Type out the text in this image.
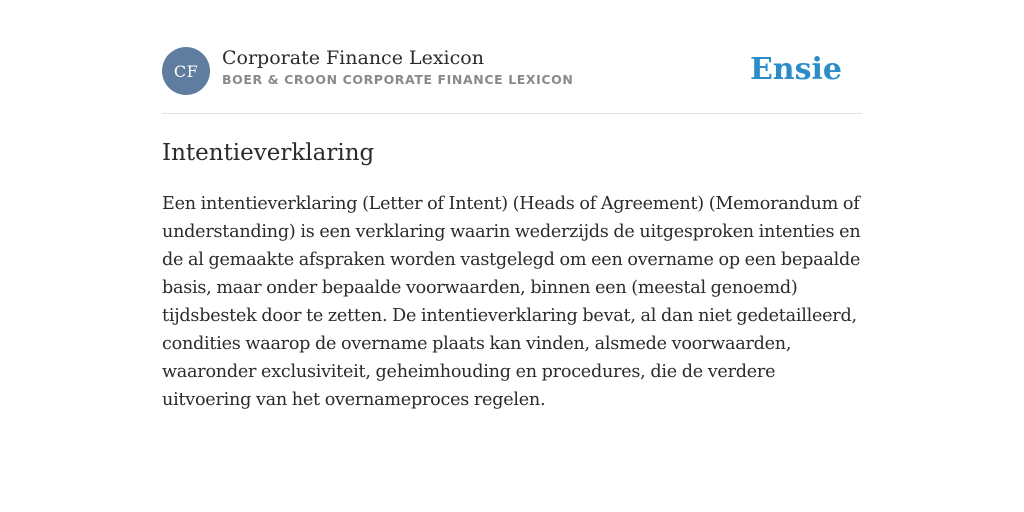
CF
Corporate Finance Lexicon
BOER & CROON CORPORATE FINANCE LEXICON	Ensie
Intentieverklaring

Een intentieverklaring (Letter of Intent) (Heads of Agreement) (Memorandum of understanding) is een verklaring waarin wederzijds de uitgesproken intenties en de al gemaakte afspraken worden vastgelegd om een overname op een bepaalde basis, maar onder bepaalde voorwaarden, binnen een (meestal genoemd) tijdsbestek door te zetten. De intentieverklaring bevat, al dan niet gedetailleerd, condities waarop de overname plaats kan vinden, alsmede voorwaarden, waaronder exclusiviteit, geheimhouding en procedures, die de verdere uitvoering van het overnameproces regelen.
